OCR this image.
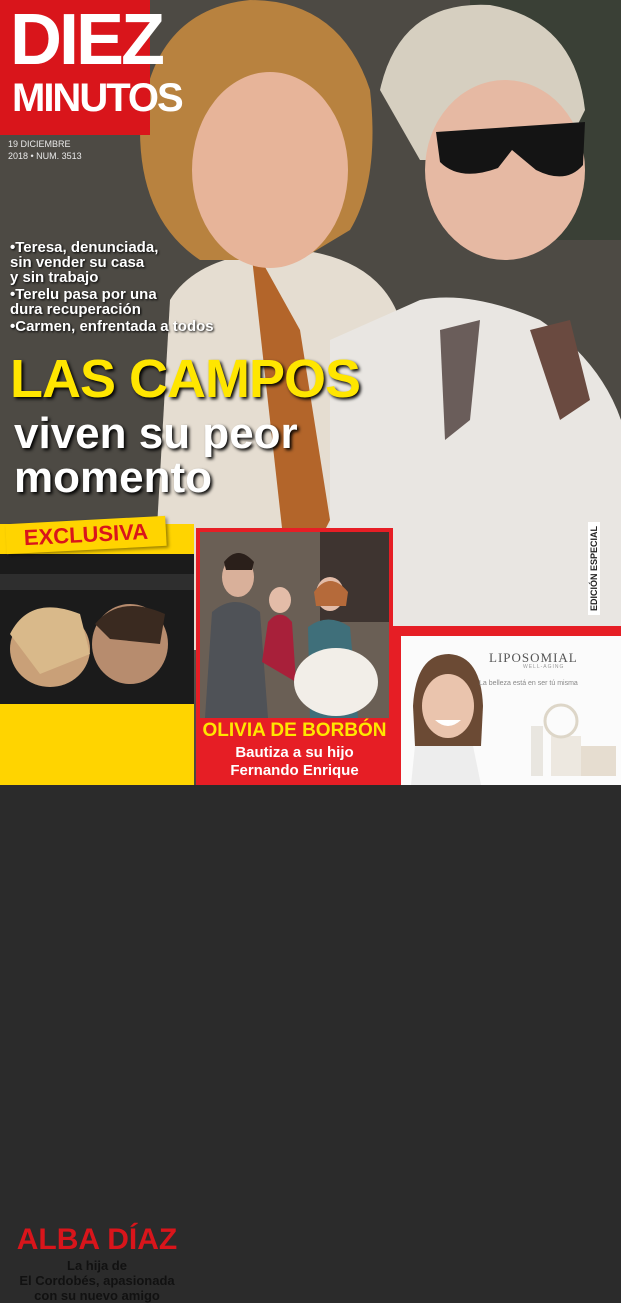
DIEZ
MINUTOS
19 DICIEMBRE
2018 • NUM. 3513
•Teresa, denunciada,
sin vender su casa
y sin trabajo
•Terelu pasa por una
dura recuperación
•Carmen, enfrentada a todos
LAS CAMPOS
viven su peor
momento
EDICIÓN ESPECIAL
ALBA DÍAZ
La hija de
El Cordobés, apasionada
con su nuevo amigo
EXCLUSIVA
OLIVIA DE BORBÓN
Bautiza a su hijo
Fernando Enrique
LIPOSOMIAL
WELL-AGING
La belleza está en ser tú misma
